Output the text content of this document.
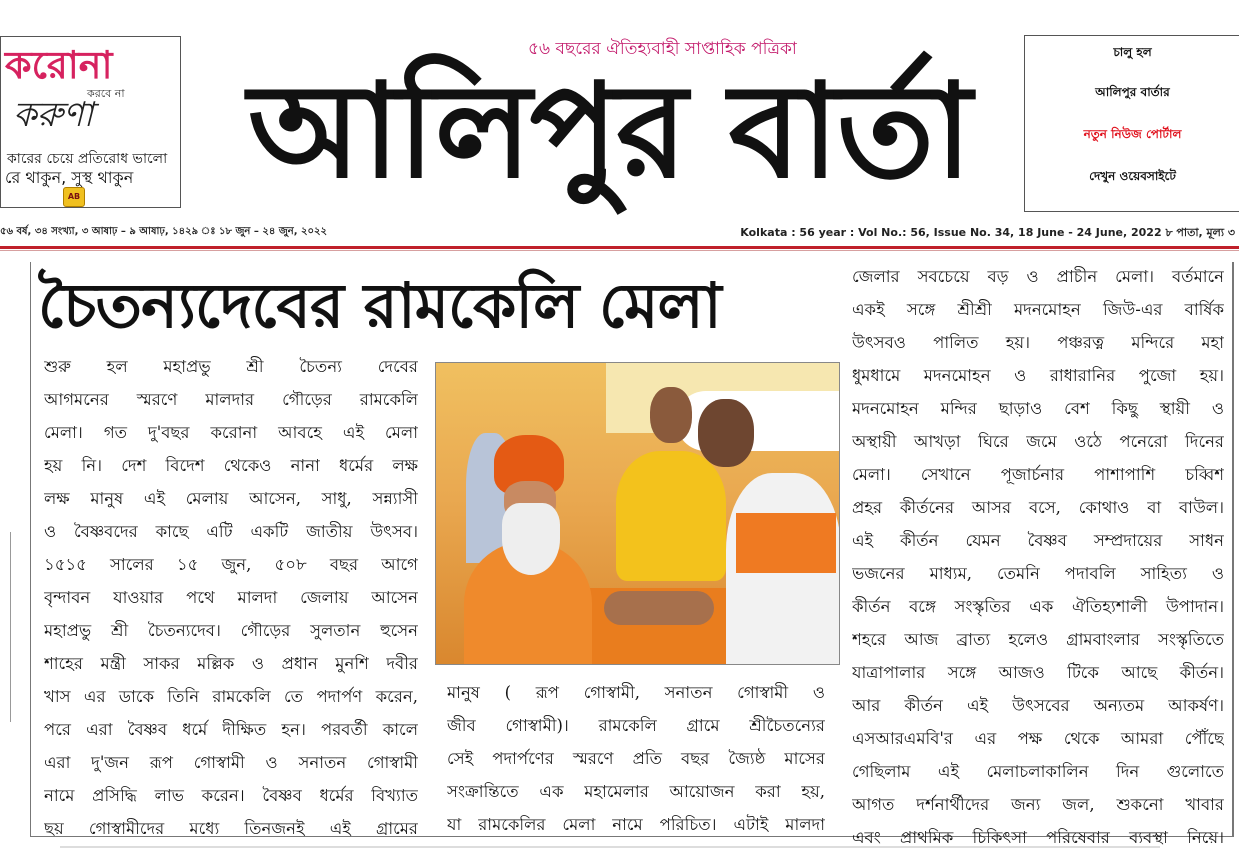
করোনা
করবে না
করুণা
কারের চেয়ে প্রতিরোধ ভালো
রে থাকুন, সুস্থ থাকুন
AB
৫৬ বছরের ঐতিহ্যবাহী সাপ্তাহিক পত্রিকা
আলিপুর বার্তা
চালু হল
আলিপুর বার্তার
নতুন নিউজ পোর্টাল
দেখুন ওয়েবসাইটে
৫৬ বর্ষ, ৩৪ সংখ্যা, ৩ আষাঢ় – ৯ আষাঢ়, ১৪২৯ ঃ ১৮ জুন – ২৪ জুন, ২০২২	Kolkata : 56 year : Vol No.: 56, Issue No. 34, 18 June - 24 June, 2022 ৮ পাতা, মূল্য ৩
চৈতন্যদেবের রামকেলি মেলা
শুরু হল মহাপ্রভু শ্রী চৈতন্য দেবের
আগমনের স্মরণে মালদার গৌড়ের রামকেলি
মেলা। গত দু'বছর করোনা আবহে এই মেলা
হয় নি। দেশ বিদেশ থেকেও নানা ধর্মের লক্ষ
লক্ষ মানুষ এই মেলায় আসেন, সাধু, সন্ন্যাসী
ও বৈষ্ণবদের কাছে এটি একটি জাতীয় উৎসব।
১৫১৫ সালের ১৫ জুন, ৫০৮ বছর আগে
বৃন্দাবন যাওয়ার পথে মালদা জেলায় আসেন
মহাপ্রভু শ্রী চৈতন্যদেব। গৌড়ের সুলতান হুসেন
শাহের মন্ত্রী সাকর মল্লিক ও প্রধান মুনশি দবীর
খাস এর ডাকে তিনি রামকেলি তে পদার্পণ করেন,
পরে এরা বৈষ্ণব ধর্মে দীক্ষিত হন। পরবর্তী কালে
এরা দু'জন রূপ গোস্বামী ও সনাতন গোস্বামী
নামে প্রসিদ্ধি লাভ করেন। বৈষ্ণব ধর্মের বিখ্যাত
ছয় গোস্বামীদের মধ্যে তিনজনই এই গ্রামের
মানুষ ( রূপ গোস্বামী, সনাতন গোস্বামী ও
জীব গোস্বামী)। রামকেলি গ্রামে শ্রীচৈতন্যের
সেই পদার্পণের স্মরণে প্রতি বছর জ্যৈষ্ঠ মাসের
সংক্রান্তিতে এক মহামেলার আয়োজন করা হয়,
যা রামকেলির মেলা নামে পরিচিত। এটাই মালদা
জেলার সবচেয়ে বড় ও প্রাচীন মেলা। বর্তমানে
একই সঙ্গে শ্রীশ্রী মদনমোহন জিউ-এর বার্ষিক
উৎসবও পালিত হয়। পঞ্চরত্ন মন্দিরে মহা
ধুমধামে মদনমোহন ও রাধারানির পুজো হয়।
মদনমোহন মন্দির ছাড়াও বেশ কিছু স্থায়ী ও
অস্থায়ী আখড়া ঘিরে জমে ওঠে পনেরো দিনের
মেলা। সেখানে পূজার্চনার পাশাপাশি চব্বিশ
প্রহর কীর্তনের আসর বসে, কোথাও বা বাউল।
এই কীর্তন যেমন বৈষ্ণব সম্প্রদায়ের সাধন
ভজনের মাধ্যম, তেমনি পদাবলি সাহিত্য ও
কীর্তন বঙ্গে সংস্কৃতির এক ঐতিহ্যশালী উপাদান।
শহরে আজ ব্রাত্য হলেও গ্রামবাংলার সংস্কৃতিতে
যাত্রাপালার সঙ্গে আজও টিকে আছে কীর্তন।
আর কীর্তন এই উৎসবের অন্যতম আকর্ষণ।
এসআরএমবি'র এর পক্ষ থেকে আমরা পৌঁছে
গেছিলাম এই মেলাচলাকালিন দিন গুলোতে
আগত দর্শনার্থীদের জন্য জল, শুকনো খাবার
এবং প্রাথমিক চিকিৎসা পরিষেবার ব্যবস্থা নিয়ে।
